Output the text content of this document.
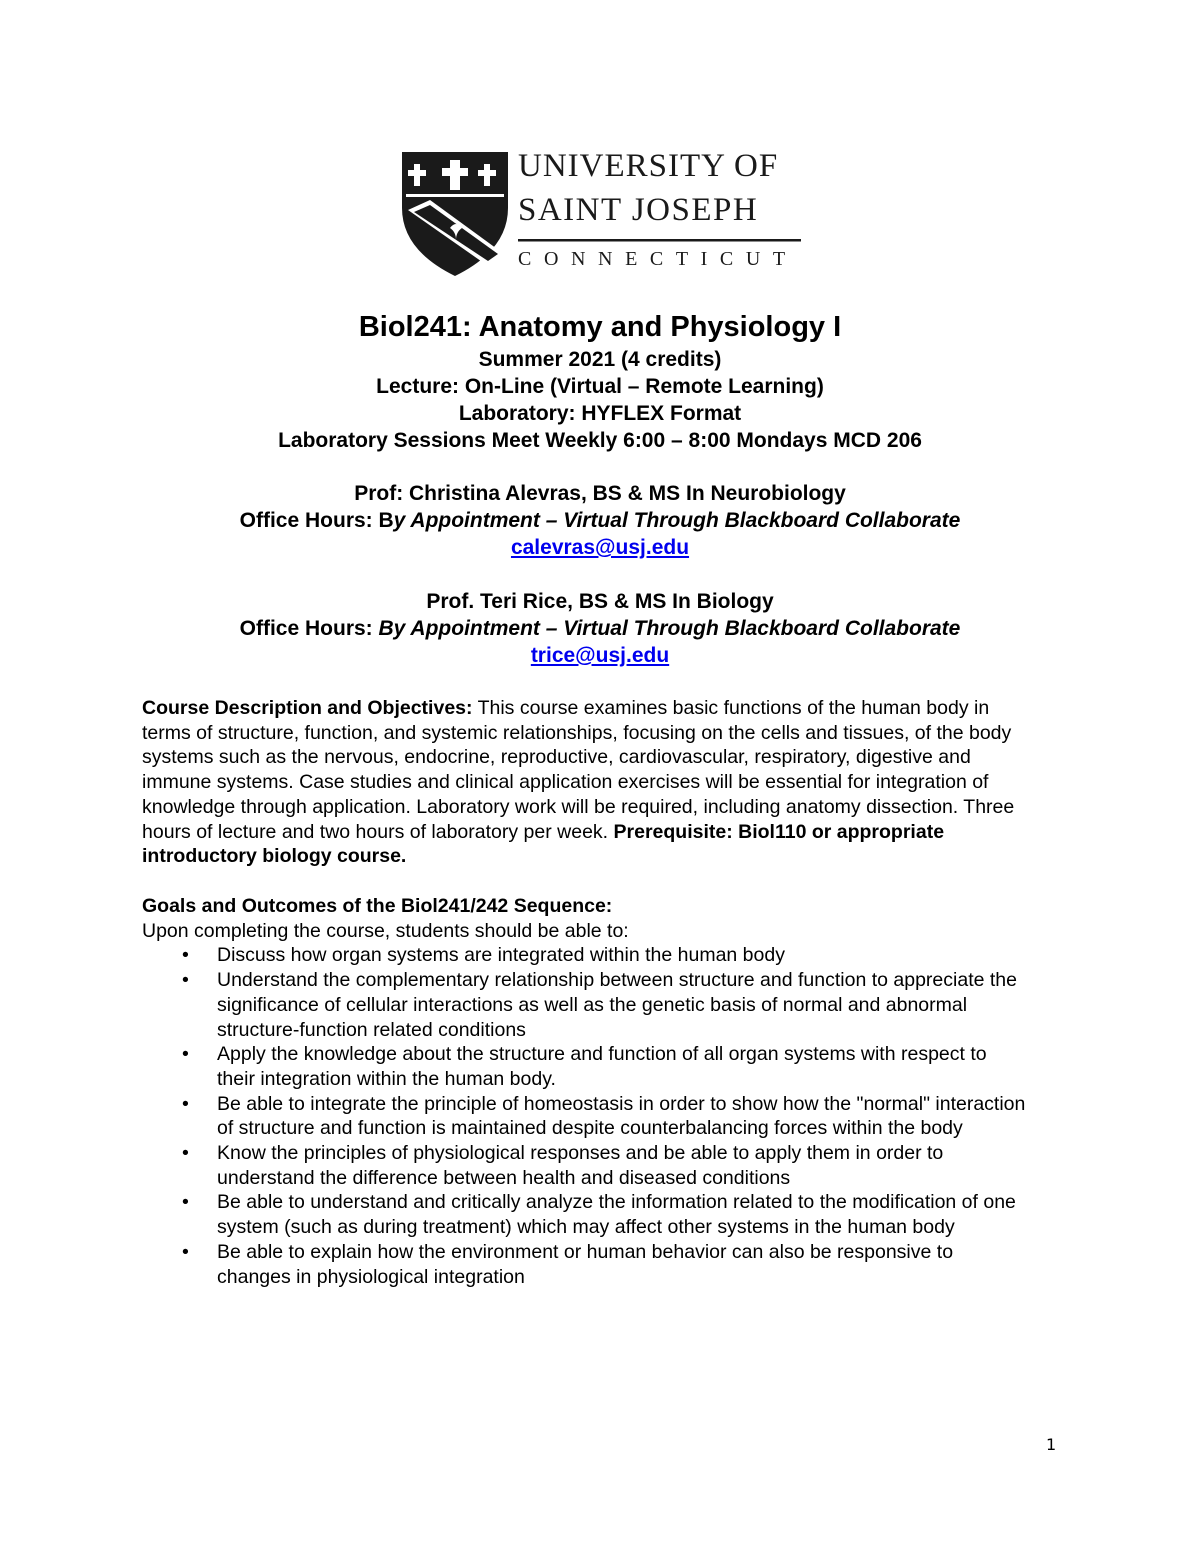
UNIVERSITY OF
SAINT JOSEPH
CONNECTICUT
Biol241: Anatomy and Physiology I
Summer 2021 (4 credits)
Lecture: On-Line (Virtual – Remote Learning)
Laboratory: HYFLEX Format
Laboratory Sessions Meet Weekly 6:00 – 8:00 Mondays MCD 206
Prof: Christina Alevras, BS & MS In Neurobiology
Office Hours: By Appointment – Virtual Through Blackboard Collaborate
calevras@usj.edu
Prof. Teri Rice, BS & MS In Biology
Office Hours: By Appointment – Virtual Through Blackboard Collaborate
trice@usj.edu
Course Description and Objectives: This course examines basic functions of the human body in terms of structure, function, and systemic relationships, focusing on the cells and tissues, of the body systems such as the nervous, endocrine, reproductive, cardiovascular, respiratory, digestive and immune systems. Case studies and clinical application exercises will be essential for integration of knowledge through application. Laboratory work will be required, including anatomy dissection. Three hours of lecture and two hours of laboratory per week. Prerequisite: Biol110 or appropriate introductory biology course.
Goals and Outcomes of the Biol241/242 Sequence:
Upon completing the course, students should be able to:
• Discuss how organ systems are integrated within the human body
• Understand the complementary relationship between structure and function to appreciate the significance of cellular interactions as well as the genetic basis of normal and abnormal structure-function related conditions
• Apply the knowledge about the structure and function of all organ systems with respect to their integration within the human body.
• Be able to integrate the principle of homeostasis in order to show how the "normal" interaction of structure and function is maintained despite counterbalancing forces within the body
• Know the principles of physiological responses and be able to apply them in order to understand the difference between health and diseased conditions
• Be able to understand and critically analyze the information related to the modification of one system (such as during treatment) which may affect other systems in the human body
• Be able to explain how the environment or human behavior can also be responsive to changes in physiological integration
1
